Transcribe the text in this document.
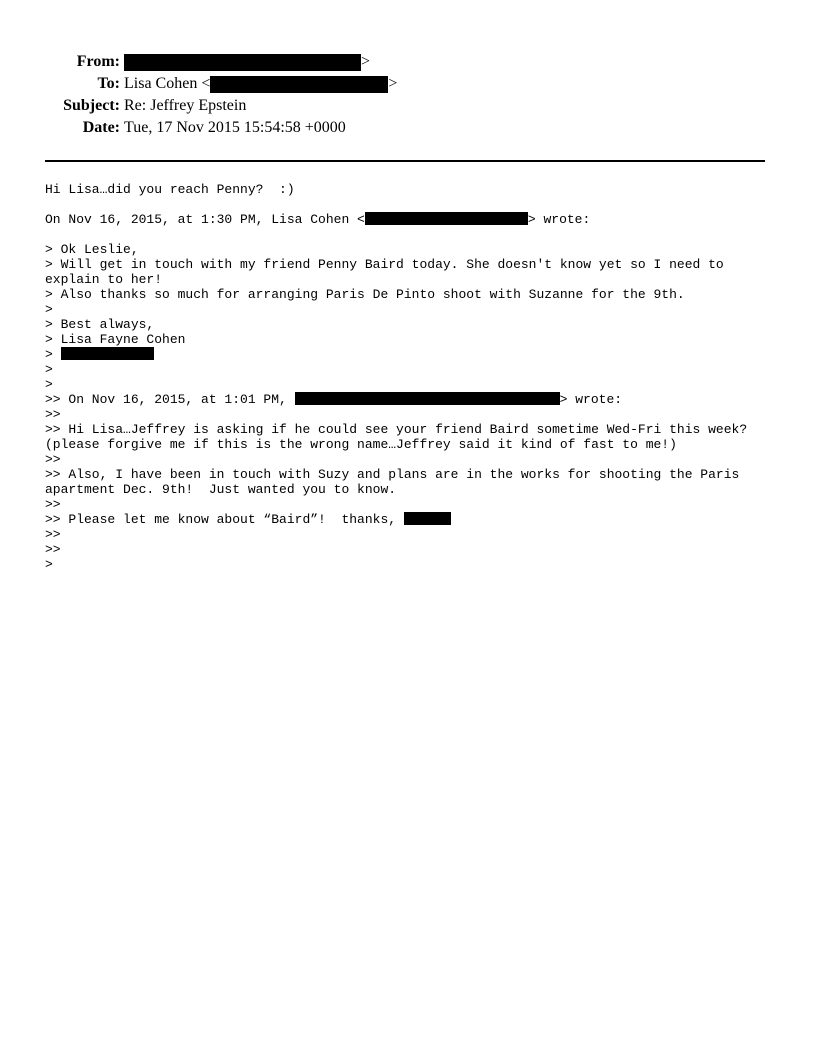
From:	>
To: Lisa Cohen <	>
Subject: Re: Jeffrey Epstein
Date: Tue, 17 Nov 2015 15:54:58 +0000
Hi Lisa…did you reach Penny?  :)
On Nov 16, 2015, at 1:30 PM, Lisa Cohen <	> wrote:
> Ok Leslie,
> Will get in touch with my friend Penny Baird today. She doesn't know yet so I need to
explain to her!
> Also thanks so much for arranging Paris De Pinto shoot with Suzanne for the 9th.
>
> Best always,
> Lisa Fayne Cohen
>
>
>
>> On Nov 16, 2015, at 1:01 PM,	> wrote:
>>
>> Hi Lisa…Jeffrey is asking if he could see your friend Baird sometime Wed-Fri this week?
(please forgive me if this is the wrong name…Jeffrey said it kind of fast to me!)
>>
>> Also, I have been in touch with Suzy and plans are in the works for shooting the Paris
apartment Dec. 9th!  Just wanted you to know.
>>
>> Please let me know about “Baird”!  thanks,
>>
>>
>
